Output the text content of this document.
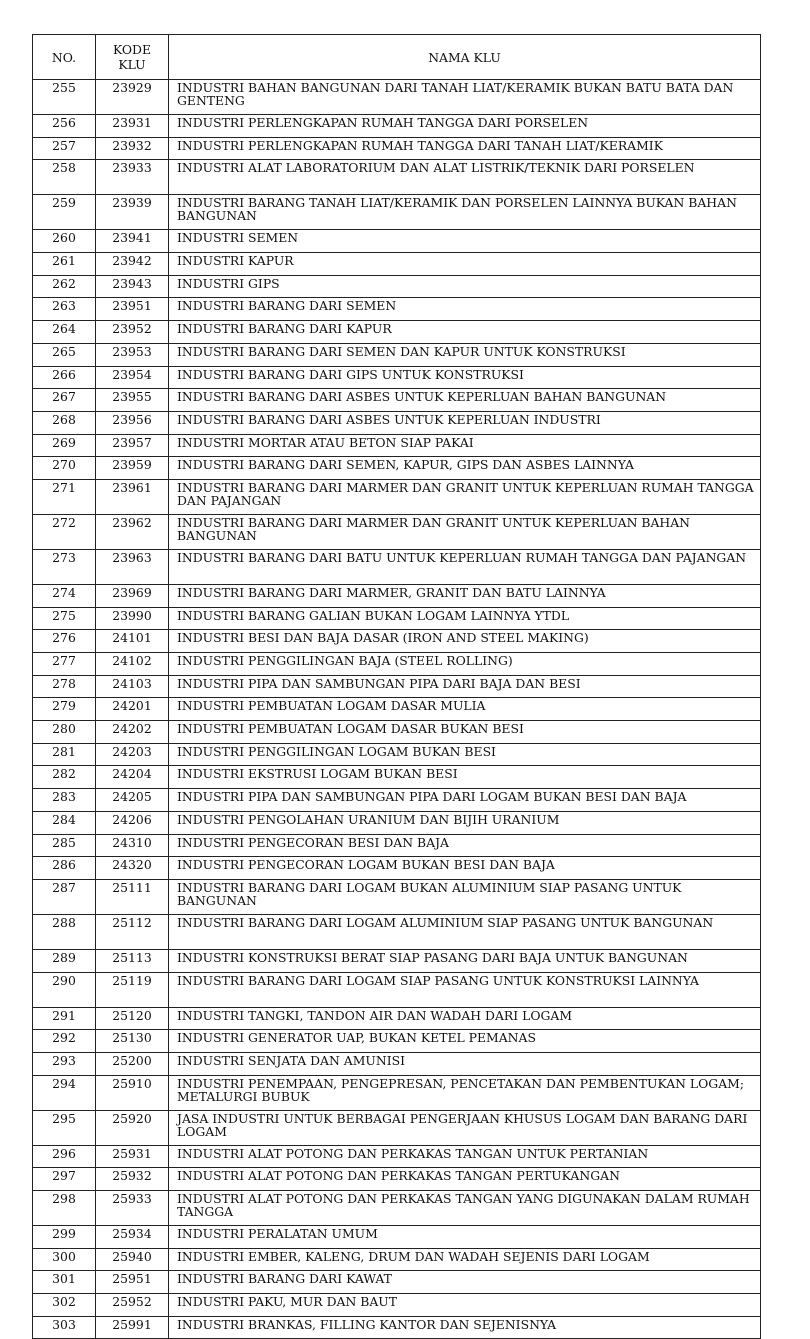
NO.	KODE KLU	NAMA KLU
255	23929	INDUSTRI BAHAN BANGUNAN DARI TANAH LIAT/KERAMIK BUKAN BATU BATA DAN GENTENG
256	23931	INDUSTRI PERLENGKAPAN RUMAH TANGGA DARI PORSELEN
257	23932	INDUSTRI PERLENGKAPAN RUMAH TANGGA DARI TANAH LIAT/KERAMIK
258	23933	INDUSTRI ALAT LABORATORIUM DAN ALAT LISTRIK/TEKNIK DARI PORSELEN
259	23939	INDUSTRI BARANG TANAH LIAT/KERAMIK DAN PORSELEN LAINNYA BUKAN BAHAN BANGUNAN
260	23941	INDUSTRI SEMEN
261	23942	INDUSTRI KAPUR
262	23943	INDUSTRI GIPS
263	23951	INDUSTRI BARANG DARI SEMEN
264	23952	INDUSTRI BARANG DARI KAPUR
265	23953	INDUSTRI BARANG DARI SEMEN DAN KAPUR UNTUK KONSTRUKSI
266	23954	INDUSTRI BARANG DARI GIPS UNTUK KONSTRUKSI
267	23955	INDUSTRI BARANG DARI ASBES UNTUK KEPERLUAN BAHAN BANGUNAN
268	23956	INDUSTRI BARANG DARI ASBES UNTUK KEPERLUAN INDUSTRI
269	23957	INDUSTRI MORTAR ATAU BETON SIAP PAKAI
270	23959	INDUSTRI BARANG DARI SEMEN, KAPUR, GIPS DAN ASBES LAINNYA
271	23961	INDUSTRI BARANG DARI MARMER DAN GRANIT UNTUK KEPERLUAN RUMAH TANGGA DAN PAJANGAN
272	23962	INDUSTRI BARANG DARI MARMER DAN GRANIT UNTUK KEPERLUAN BAHAN BANGUNAN
273	23963	INDUSTRI BARANG DARI BATU UNTUK KEPERLUAN RUMAH TANGGA DAN PAJANGAN
274	23969	INDUSTRI BARANG DARI MARMER, GRANIT DAN BATU LAINNYA
275	23990	INDUSTRI BARANG GALIAN BUKAN LOGAM LAINNYA YTDL
276	24101	INDUSTRI BESI DAN BAJA DASAR (IRON AND STEEL MAKING)
277	24102	INDUSTRI PENGGILINGAN BAJA (STEEL ROLLING)
278	24103	INDUSTRI PIPA DAN SAMBUNGAN PIPA DARI BAJA DAN BESI
279	24201	INDUSTRI PEMBUATAN LOGAM DASAR MULIA
280	24202	INDUSTRI PEMBUATAN LOGAM DASAR BUKAN BESI
281	24203	INDUSTRI PENGGILINGAN LOGAM BUKAN BESI
282	24204	INDUSTRI EKSTRUSI LOGAM BUKAN BESI
283	24205	INDUSTRI PIPA DAN SAMBUNGAN PIPA DARI LOGAM BUKAN BESI DAN BAJA
284	24206	INDUSTRI PENGOLAHAN URANIUM DAN BIJIH URANIUM
285	24310	INDUSTRI PENGECORAN BESI DAN BAJA
286	24320	INDUSTRI PENGECORAN LOGAM BUKAN BESI DAN BAJA
287	25111	INDUSTRI BARANG DARI LOGAM BUKAN ALUMINIUM SIAP PASANG UNTUK BANGUNAN
288	25112	INDUSTRI BARANG DARI LOGAM ALUMINIUM SIAP PASANG UNTUK BANGUNAN
289	25113	INDUSTRI KONSTRUKSI BERAT SIAP PASANG DARI BAJA UNTUK BANGUNAN
290	25119	INDUSTRI BARANG DARI LOGAM SIAP PASANG UNTUK KONSTRUKSI LAINNYA
291	25120	INDUSTRI TANGKI, TANDON AIR DAN WADAH DARI LOGAM
292	25130	INDUSTRI GENERATOR UAP, BUKAN KETEL PEMANAS
293	25200	INDUSTRI SENJATA DAN AMUNISI
294	25910	INDUSTRI PENEMPAAN, PENGEPRESAN, PENCETAKAN DAN PEMBENTUKAN LOGAM; METALURGI BUBUK
295	25920	JASA INDUSTRI UNTUK BERBAGAI PENGERJAAN KHUSUS LOGAM DAN BARANG DARI LOGAM
296	25931	INDUSTRI ALAT POTONG DAN PERKAKAS TANGAN UNTUK PERTANIAN
297	25932	INDUSTRI ALAT POTONG DAN PERKAKAS TANGAN PERTUKANGAN
298	25933	INDUSTRI ALAT POTONG DAN PERKAKAS TANGAN YANG DIGUNAKAN DALAM RUMAH TANGGA
299	25934	INDUSTRI PERALATAN UMUM
300	25940	INDUSTRI EMBER, KALENG, DRUM DAN WADAH SEJENIS DARI LOGAM
301	25951	INDUSTRI BARANG DARI KAWAT
302	25952	INDUSTRI PAKU, MUR DAN BAUT
303	25991	INDUSTRI BRANKAS, FILLING KANTOR DAN SEJENISNYA
